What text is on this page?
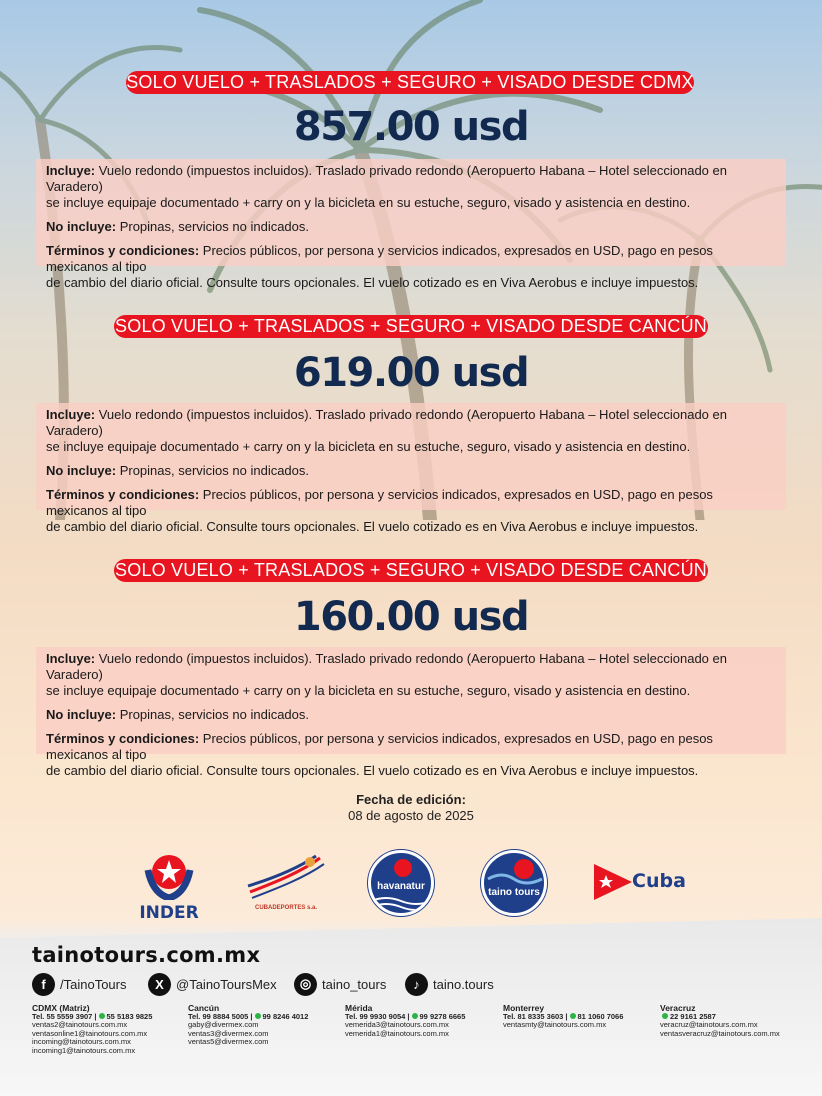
SOLO VUELO + TRASLADOS + SEGURO + VISADO DESDE CDMX
857.00 usd

Incluye: Vuelo redondo (impuestos incluidos). Traslado privado redondo (Aeropuerto Habana – Hotel seleccionado en Varadero)
se incluye equipaje documentado + carry on y la bicicleta en su estuche, seguro, visado y asistencia en destino.

No incluye: Propinas, servicios no indicados.

Términos y condiciones: Precios públicos, por persona y servicios indicados, expresados en USD, pago en pesos mexicanos al tipo
de cambio del diario oficial. Consulte tours opcionales. El vuelo cotizado es en Viva Aerobus e incluye impuestos.

SOLO VUELO + TRASLADOS + SEGURO + VISADO DESDE CANCÚN
619.00 usd

Incluye: Vuelo redondo (impuestos incluidos). Traslado privado redondo (Aeropuerto Habana – Hotel seleccionado en Varadero)
se incluye equipaje documentado + carry on y la bicicleta en su estuche, seguro, visado y asistencia en destino.

No incluye: Propinas, servicios no indicados.

Términos y condiciones: Precios públicos, por persona y servicios indicados, expresados en USD, pago en pesos mexicanos al tipo
de cambio del diario oficial. Consulte tours opcionales. El vuelo cotizado es en Viva Aerobus e incluye impuestos.

SOLO VUELO + TRASLADOS + SEGURO + VISADO DESDE CANCÚN
160.00 usd

Incluye: Vuelo redondo (impuestos incluidos). Traslado privado redondo (Aeropuerto Habana – Hotel seleccionado en Varadero)
se incluye equipaje documentado + carry on y la bicicleta en su estuche, seguro, visado y asistencia en destino.

No incluye: Propinas, servicios no indicados.

Términos y condiciones: Precios públicos, por persona y servicios indicados, expresados en USD, pago en pesos mexicanos al tipo
de cambio del diario oficial. Consulte tours opcionales. El vuelo cotizado es en Viva Aerobus e incluye impuestos.

Fecha de edición:
08 de agosto de 2025
INDER	CUBADEPORTES s.a.
havanatur
taino tours
Cuba
tainotours.com.mx
f	/TainoTours	X @TainoToursMex	◎ taino_tours	♪	taino.tours
CDMX (Matriz)
Tel. 55 5559 3907 | 55 5183 9825
ventas2@tainotours.com.mx
ventasonline1@tainotours.com.mx
incoming@tainotours.com.mx
incoming1@tainotours.com.mx
Cancún
Tel. 99 8884 5005 | 99 8246 4012
gaby@divermex.com
ventas3@divermex.com
ventas5@divermex.com
Mérida
Tel. 99 9930 9054 | 99 9278 6665
vemerida3@tainotours.com.mx
vemerida1@tainotours.com.mx
Monterrey
Tel. 81 8335 3603 | 81 1060 7066
ventasmty@tainotours.com.mx
Veracruz
22 9161 2587
veracruz@tainotours.com.mx
ventasveracruz@tainotours.com.mx
